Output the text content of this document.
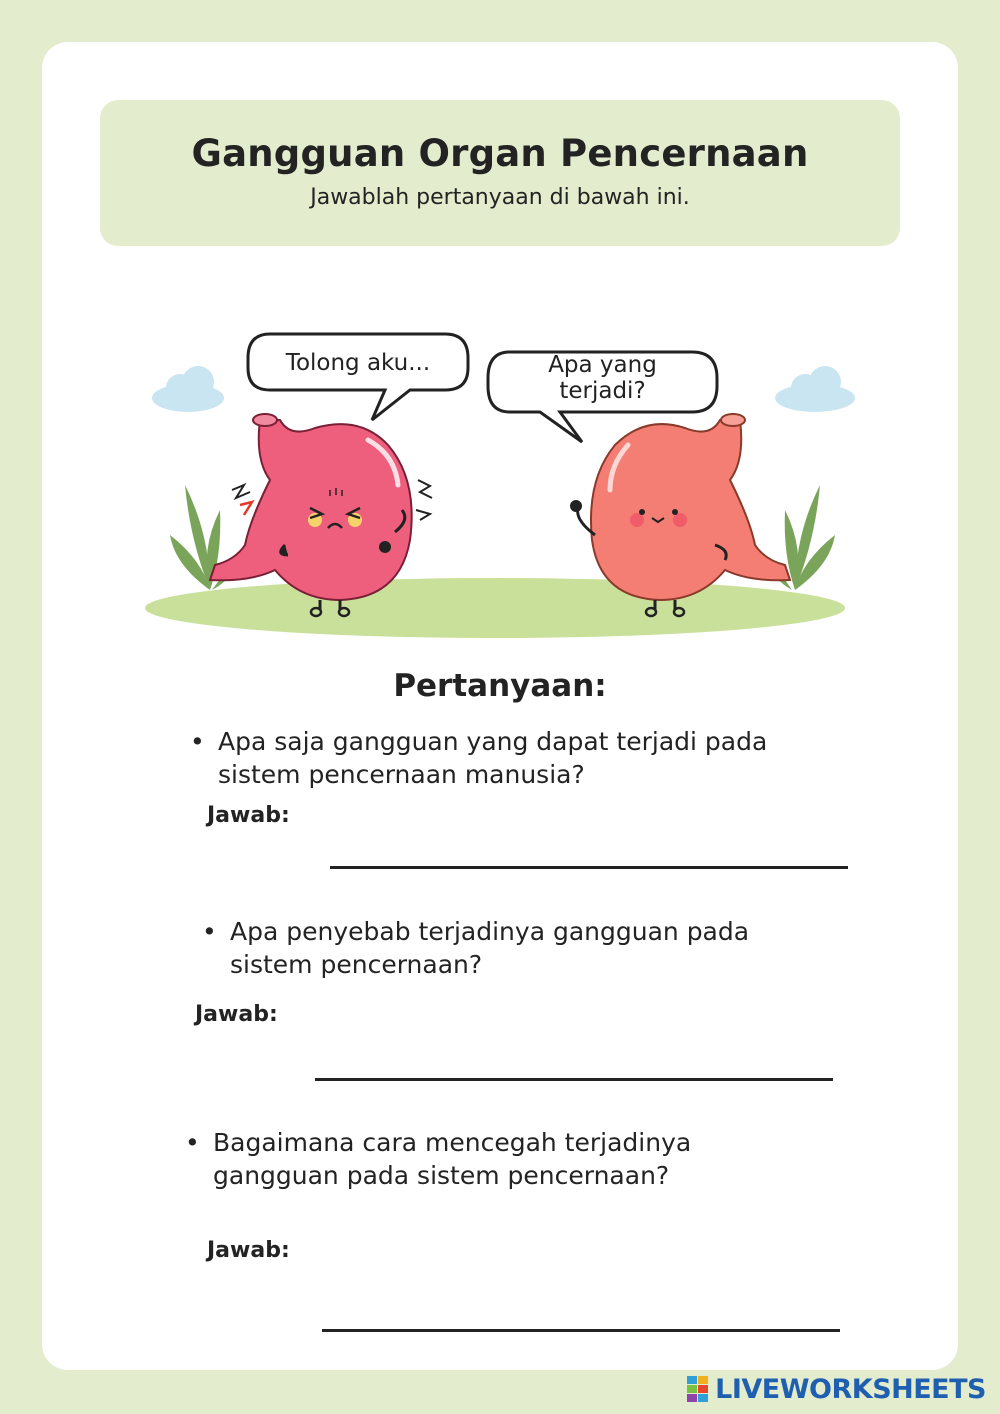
Gangguan Organ Pencernaan

Jawablah pertanyaan di bawah ini.

Tolong aku...	Apa yang
terjadi?
Pertanyaan:
• Apa saja gangguan yang dapat terjadi pada
sistem pencernaan manusia?
Jawab:
• Apa penyebab terjadinya gangguan pada
sistem pencernaan?
Jawab:
• Bagaimana cara mencegah terjadinya
gangguan pada sistem pencernaan?
Jawab:
LIVEWORKSHEETS
